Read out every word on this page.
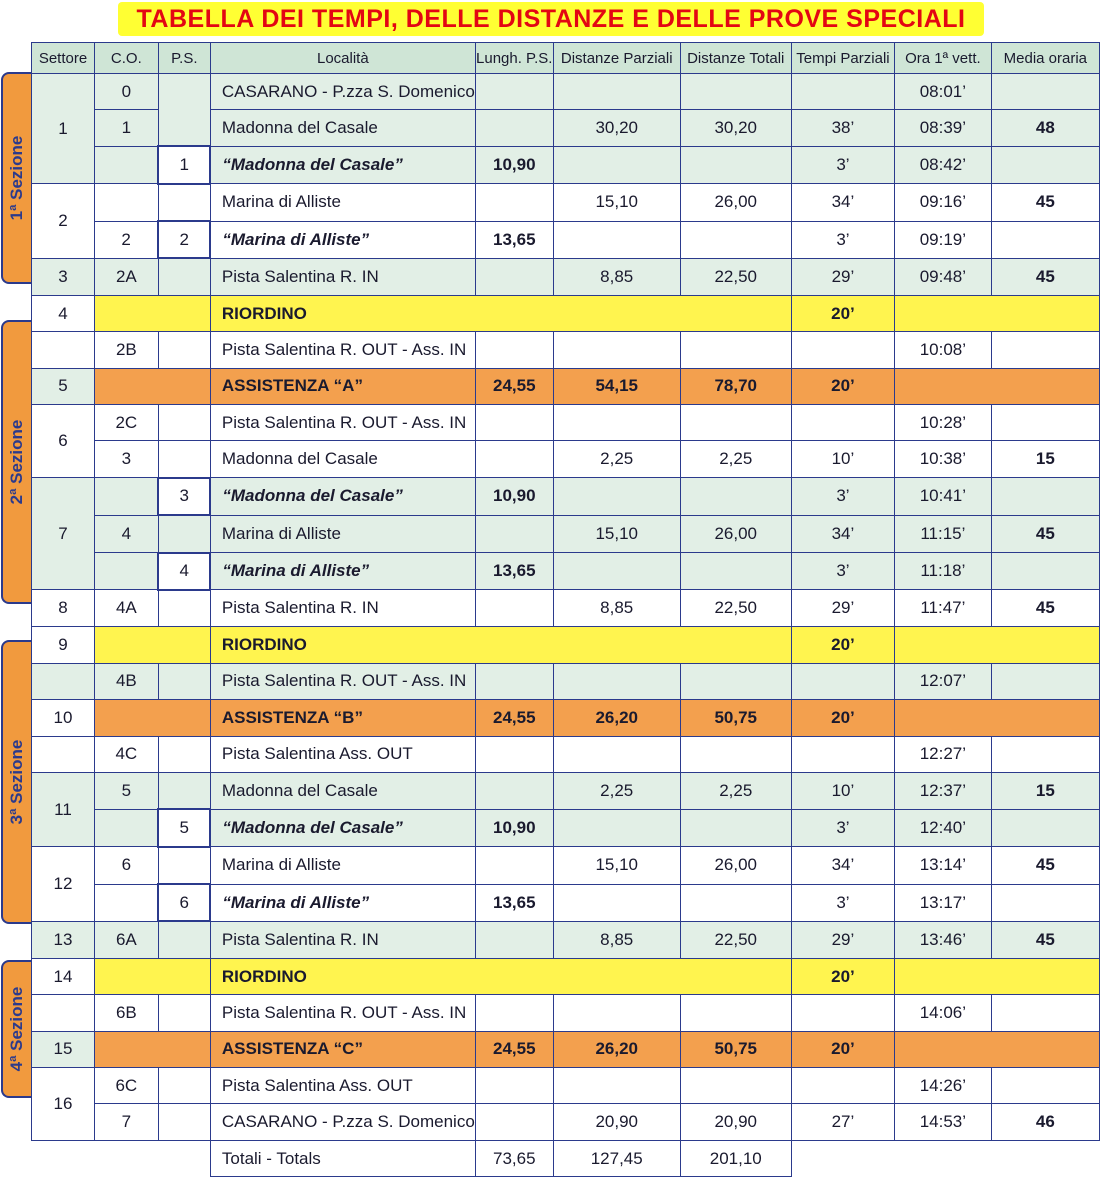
TABELLA DEI TEMPI, DELLE DISTANZE E DELLE PROVE SPECIALI
1ª Sezione
2ª Sezione
3ª Sezione
4ª Sezione
Settore	C.O.	P.S.	Località	Lungh. P.S.	Distanze Parziali	Distanze Totali	Tempi Parziali	Ora 1ª vett.	Media oraria
1	0		CASARANO - P.zza S. Domenico					08:01’	
	1		Madonna del Casale		30,20	30,20	38’	08:39’	48
		1	“Madonna del Casale”	10,90			3’	08:42’	
2			Marina di Alliste		15,10	26,00	34’	09:16’	45
	2	2	“Marina di Alliste”	13,65			3’	09:19’	
3	2A		Pista Salentina R. IN		8,85	22,50	29’	09:48’	45
4			RIORDINO				20’		
	2B		Pista Salentina R. OUT - Ass. IN					10:08’	
5			ASSISTENZA “A”	24,55	54,15	78,70	20’		
6	2C		Pista Salentina R. OUT - Ass. IN					10:28’	
	3		Madonna del Casale		2,25	2,25	10’	10:38’	15
7		3	“Madonna del Casale”	10,90			3’	10:41’	
	4		Marina di Alliste		15,10	26,00	34’	11:15’	45
		4	“Marina di Alliste”	13,65			3’	11:18’	
8	4A		Pista Salentina R. IN		8,85	22,50	29’	11:47’	45
9			RIORDINO				20’		
	4B		Pista Salentina R. OUT - Ass. IN					12:07’	
10			ASSISTENZA “B”	24,55	26,20	50,75	20’		
	4C		Pista Salentina Ass. OUT					12:27’	
11	5		Madonna del Casale		2,25	2,25	10’	12:37’	15
		5	“Madonna del Casale”	10,90			3’	12:40’	
12	6		Marina di Alliste		15,10	26,00	34’	13:14’	45
		6	“Marina di Alliste”	13,65			3’	13:17’	
13	6A		Pista Salentina R. IN		8,85	22,50	29’	13:46’	45
14			RIORDINO				20’		
	6B		Pista Salentina R. OUT - Ass. IN					14:06’	
15			ASSISTENZA “C”	24,55	26,20	50,75	20’		
16	6C		Pista Salentina Ass. OUT					14:26’	
	7		CASARANO - P.zza S. Domenico		20,90	20,90	27’	14:53’	46
			Totali - Totals	73,65	127,45	201,10			
